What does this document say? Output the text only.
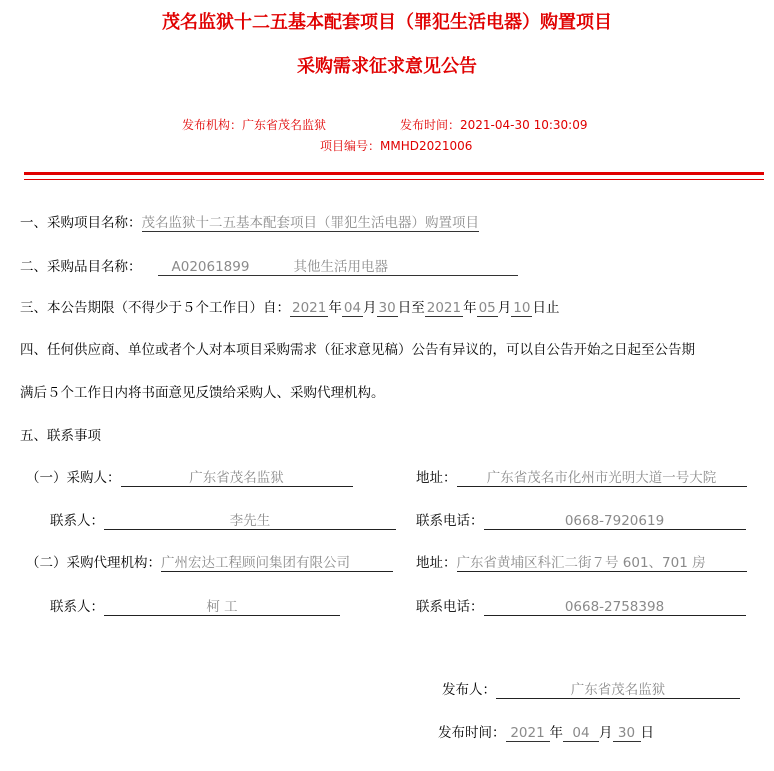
茂名监狱十二五基本配套项目（罪犯生活电器）购置项目
采购需求征求意见公告
发布机构：广东省茂名监狱	发布时间：2021-04-30 10:30:09
项目编号：MMHD2021006
一、采购项目名称：茂名监狱十二五基本配套项目（罪犯生活电器）购置项目
二、采购品目名称： A02061899	其他生活用电器
三、本公告期限（不得少于５个工作日）自： 2021 年 04 月 30 日至 2021 年 05 月 10 日止
四、任何供应商、单位或者个人对本项目采购需求（征求意见稿）公告有异议的，可以自公告开始之日起至公告期
满后５个工作日内将书面意见反馈给采购人、采购代理机构。
五、联系事项
（一）采购人：	广东省茂名监狱	地址： 广东省茂名市化州市光明大道一号大院
联系人：	李先生	联系电话：	0668-7920619
（二）采购代理机构：广州宏达工程顾问集团有限公司	地址：广东省黄埔区科汇二街７号 601、701 房
联系人：	柯 工	联系电话：	0668-2758398
发布人：	广东省茂名监狱
发布时间： 2021 年 04 月 30 日
